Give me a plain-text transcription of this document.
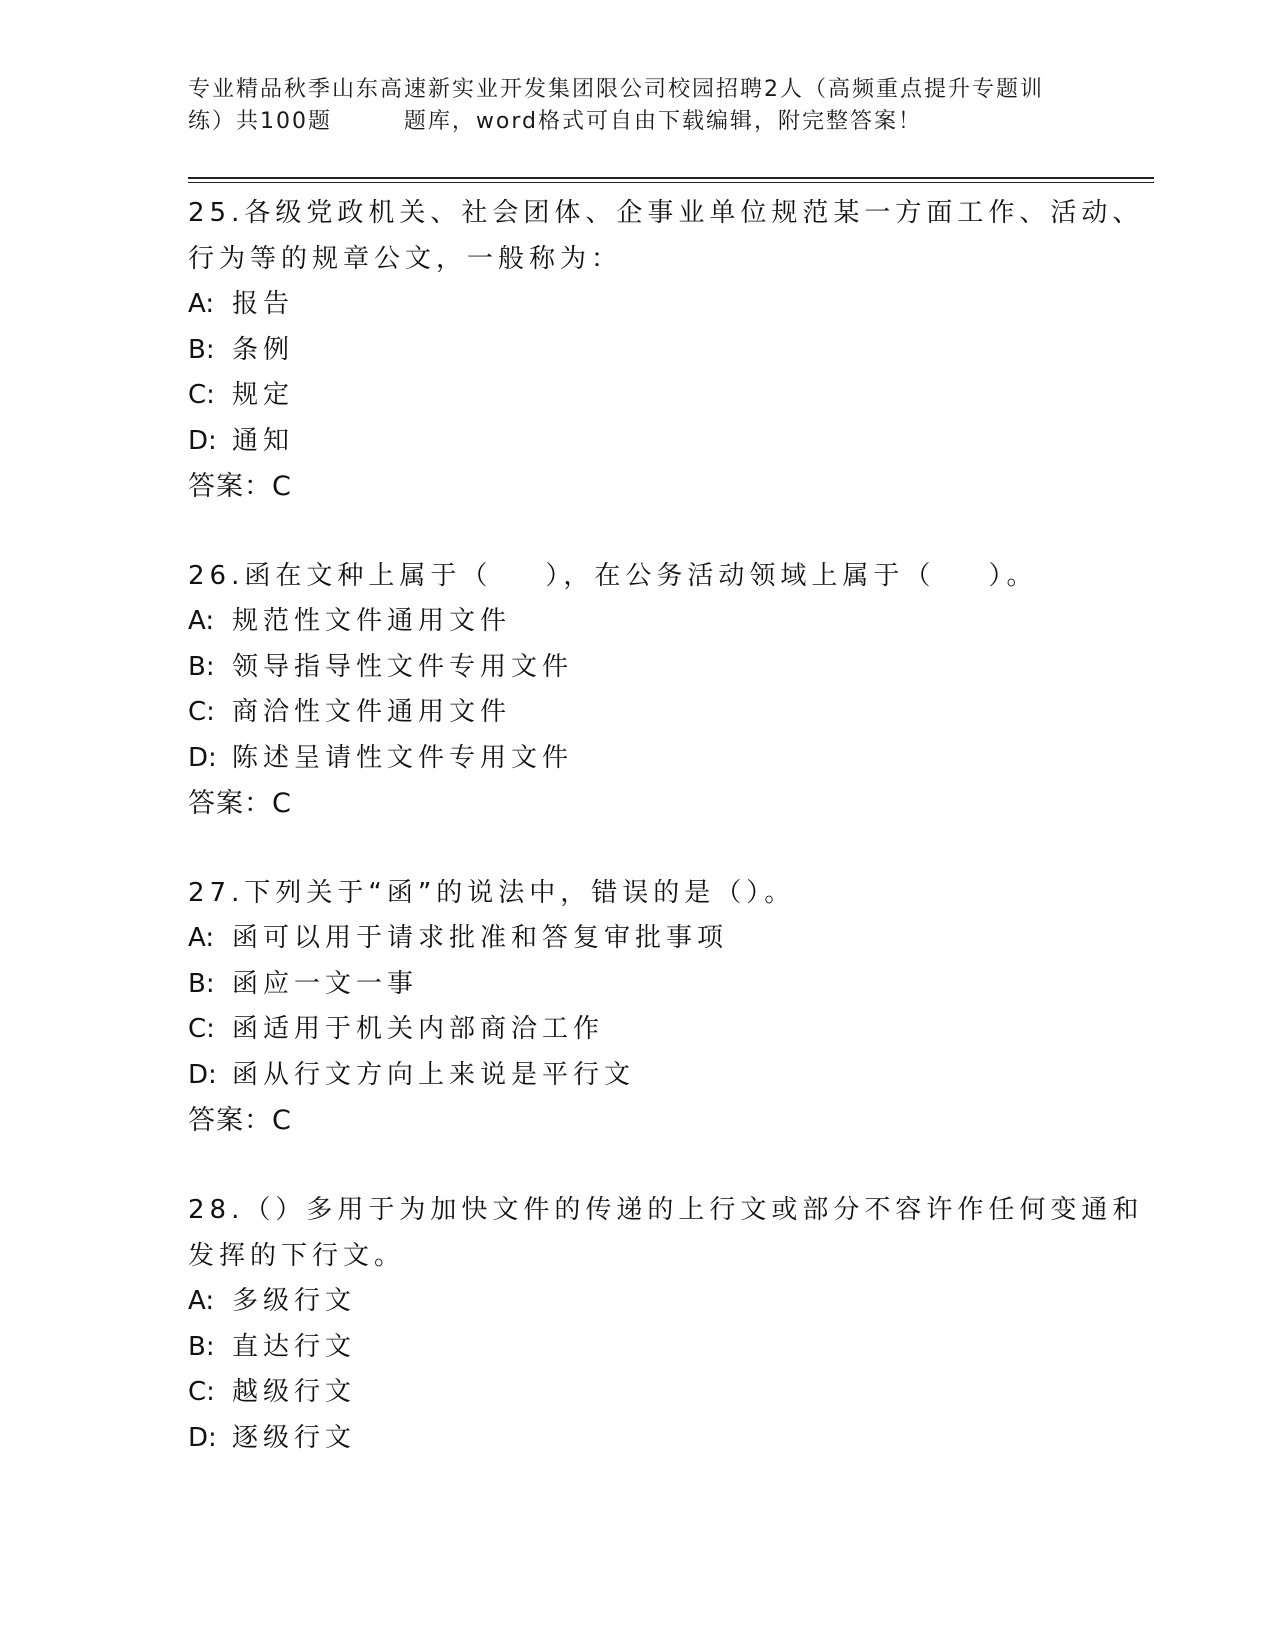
专业精品秋季山东高速新实业开发集团限公司校园招聘2人（高频重点提升专题训
练）共100题        题库，word格式可自由下载编辑，附完整答案！
25.各级党政机关、社会团体、企事业单位规范某一方面工作、活动、
行为等的规章公文，一般称为：
A: 报告
B: 条例
C: 规定
D: 通知
答案：C
26.函在文种上属于（    ），在公务活动领域上属于（    ）。
A: 规范性文件通用文件
B: 领导指导性文件专用文件
C: 商洽性文件通用文件
D: 陈述呈请性文件专用文件
答案：C
27.下列关于“函”的说法中，错误的是（）。
A: 函可以用于请求批准和答复审批事项
B: 函应一文一事
C: 函适用于机关内部商洽工作
D: 函从行文方向上来说是平行文
答案：C
28.（）多用于为加快文件的传递的上行文或部分不容许作任何变通和
发挥的下行文。
A: 多级行文
B: 直达行文
C: 越级行文
D: 逐级行文
